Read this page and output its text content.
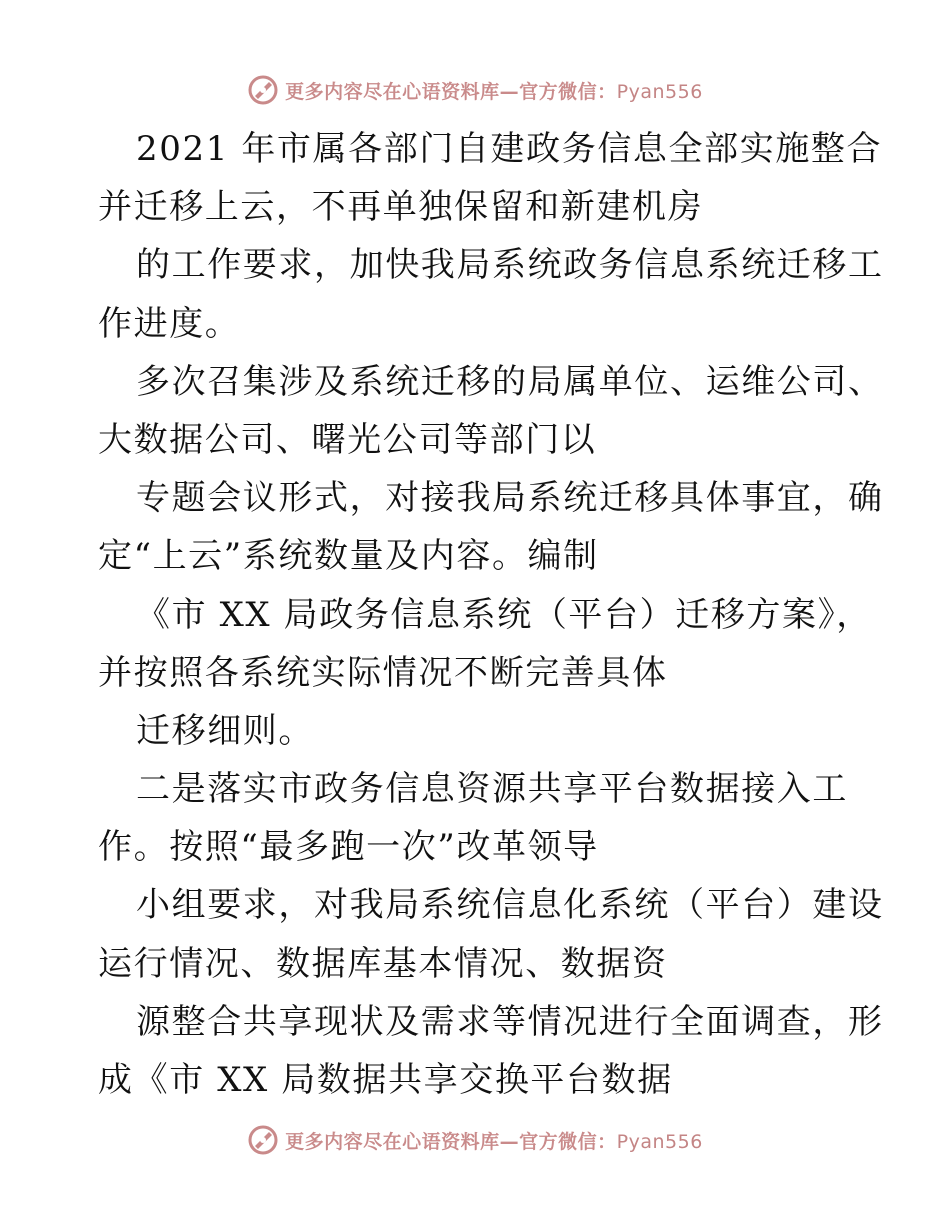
更多内容尽在心语资料库—官方微信：Pyan556
2021 年市属各部门自建政务信息全部实施整合
并迁移上云，不再单独保留和新建机房
的工作要求，加快我局系统政务信息系统迁移工
作进度。
多次召集涉及系统迁移的局属单位、运维公司、
大数据公司、曙光公司等部门以
专题会议形式，对接我局系统迁移具体事宜，确
定“上云”系统数量及内容。编制
《市 XX 局政务信息系统（平台）迁移方案》，
并按照各系统实际情况不断完善具体
迁移细则。
二是落实市政务信息资源共享平台数据接入工
作。按照“最多跑一次”改革领导
小组要求，对我局系统信息化系统（平台）建设
运行情况、数据库基本情况、数据资
源整合共享现状及需求等情况进行全面调查，形
成《市 XX 局数据共享交换平台数据
更多内容尽在心语资料库—官方微信：Pyan556
